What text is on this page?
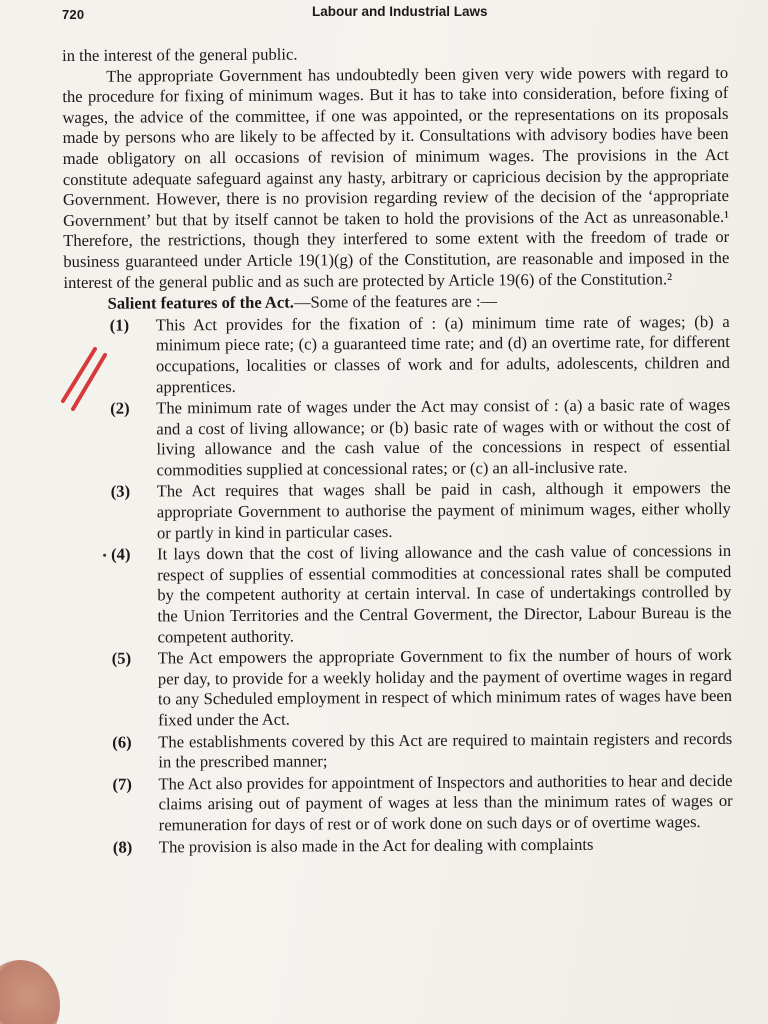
720	Labour and Industrial Laws

in the interest of the general public.

The appropriate Government has undoubtedly been given very wide powers with regard to the procedure for fixing of minimum wages. But it has to take into consideration, before fixing of wages, the advice of the committee, if one was appointed, or the representations on its proposals made by persons who are likely to be affected by it. Consultations with advisory bodies have been made obligatory on all occasions of revision of minimum wages. The provisions in the Act constitute adequate safeguard against any hasty, arbitrary or capricious decision by the appropriate Government. However, there is no provision regarding review of the decision of the ‘appropriate Government’ but that by itself cannot be taken to hold the provisions of the Act as unreasonable.¹ Therefore, the restrictions, though they interfered to some extent with the freedom of trade or business guaranteed under Article 19(1)(g) of the Constitution, are reasonable and imposed in the interest of the general public and as such are protected by Article 19(6) of the Constitution.²

Salient features of the Act.—Some of the features are :—

(1)	This Act provides for the fixation of : (a) minimum time rate of wages; (b) a minimum piece rate; (c) a guaranteed time rate; and (d) an overtime rate, for different occupations, localities or classes of work and for adults, adolescents, children and apprentices.
(2)	The minimum rate of wages under the Act may consist of : (a) a basic rate of wages and a cost of living allowance; or (b) basic rate of wages with or without the cost of living allowance and the cash value of the concessions in respect of essential commodities supplied at concessional rates; or (c) an all-inclusive rate.
(3)	The Act requires that wages shall be paid in cash, although it empowers the appropriate Government to authorise the payment of minimum wages, either wholly or partly in kind in particular cases.
(4)	It lays down that the cost of living allowance and the cash value of concessions in respect of supplies of essential commodities at concessional rates shall be computed by the competent authority at certain interval. In case of undertakings controlled by the Union Territories and the Central Goverment, the Director, Labour Bureau is the competent authority.
(5)	The Act empowers the appropriate Government to fix the number of hours of work per day, to provide for a weekly holiday and the payment of overtime wages in regard to any Scheduled employment in respect of which minimum rates of wages have been fixed under the Act.
(6)	The establishments covered by this Act are required to maintain registers and records in the prescribed manner;
(7)	The Act also provides for appointment of Inspectors and authorities to hear and decide claims arising out of payment of wages at less than the minimum rates of wages or remuneration for days of rest or of work done on such days or of overtime wages.
(8)	The provision is also made in the Act for dealing with complaints
